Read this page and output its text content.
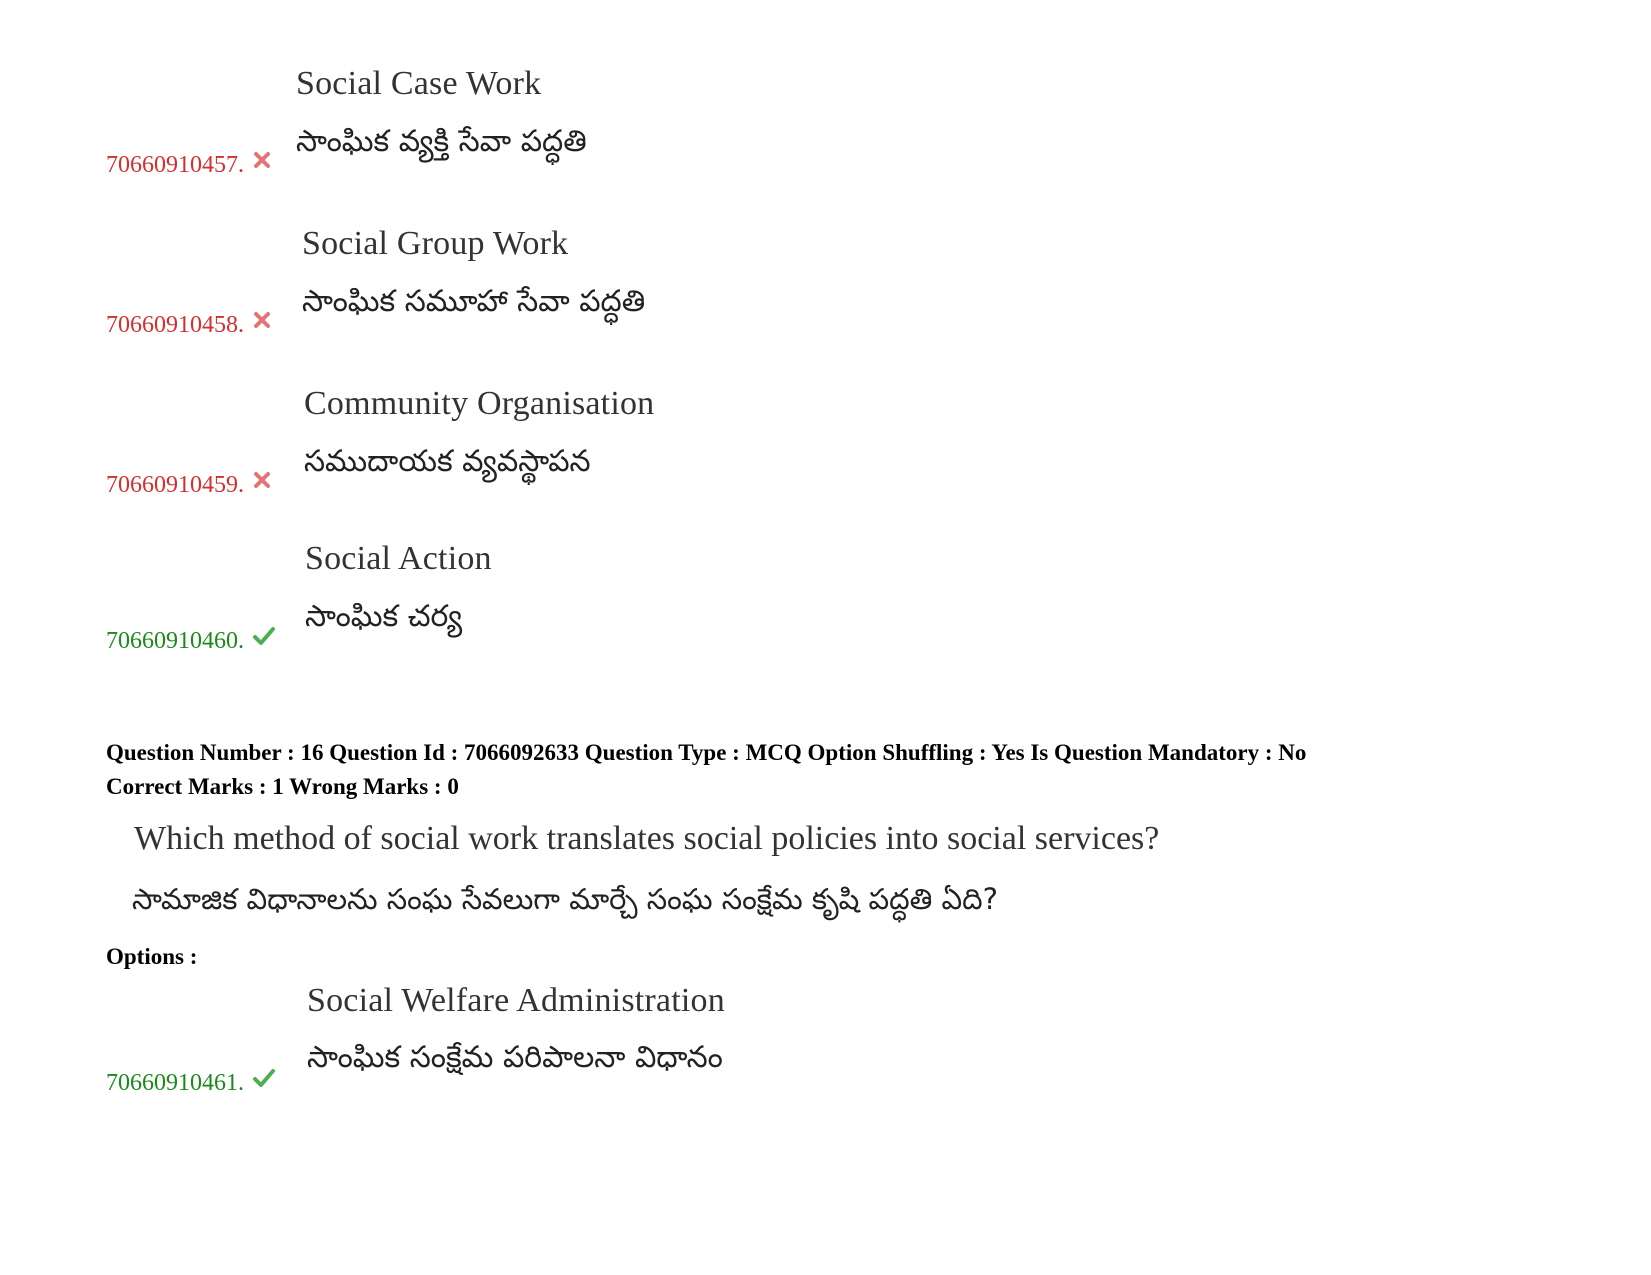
Social Case Work
సాంఘిక వ్యక్తి సేవా పద్ధతి
70660910457.
Social Group Work
సాంఘిక సమూహా సేవా పద్ధతి
70660910458.
Community Organisation
సముదాయక వ్యవస్థాపన
70660910459.
Social Action
సాంఘిక చర్య
70660910460.
Question Number : 16 Question Id : 7066092633 Question Type : MCQ Option Shuffling : Yes Is Question Mandatory : No
Correct Marks : 1 Wrong Marks : 0
Which method of social work translates social policies into social services?
సామాజిక విధానాలను సంఘ సేవలుగా మార్చే సంఘ సంక్షేమ కృషి పద్ధతి ఏది?
Options :
Social Welfare Administration
సాంఘిక సంక్షేమ పరిపాలనా విధానం
70660910461.
